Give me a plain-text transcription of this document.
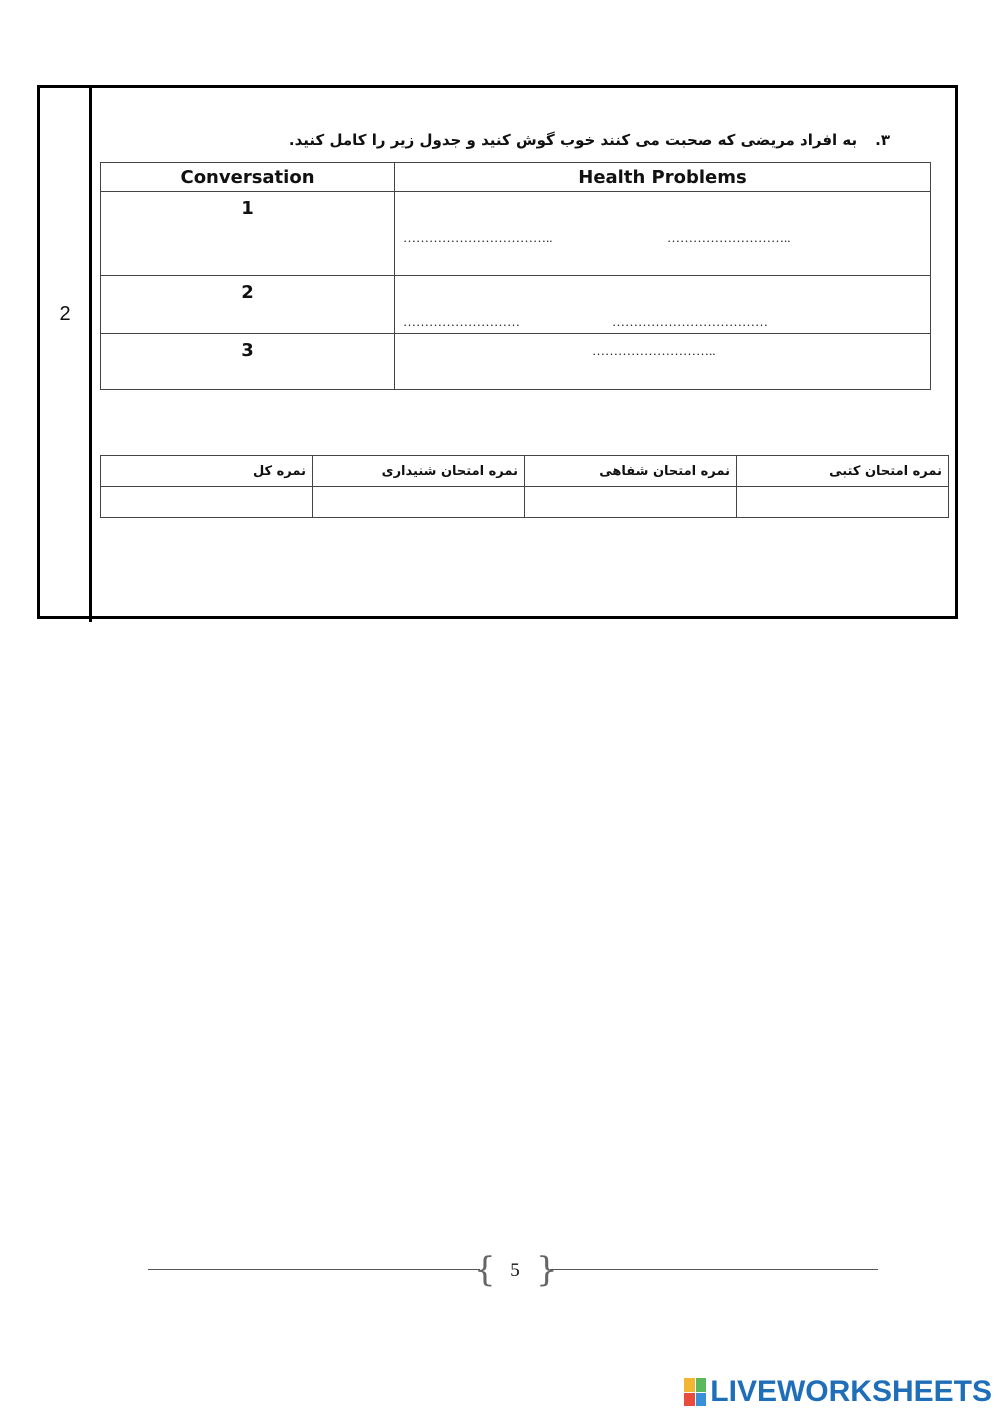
2
۳.به افراد مریضی که صحبت می کنند خوب گوش کنید و جدول زیر را کامل کنید.
Conversation	Health Problems

1	…………………………….. ………………………..

2	……………………… ………………………………

3	………………………..
نمره امتحان کتبی	نمره امتحان شفاهی	نمره امتحان شنیداری	نمره کل

{ }
5
LIVEWORKSHEETS
